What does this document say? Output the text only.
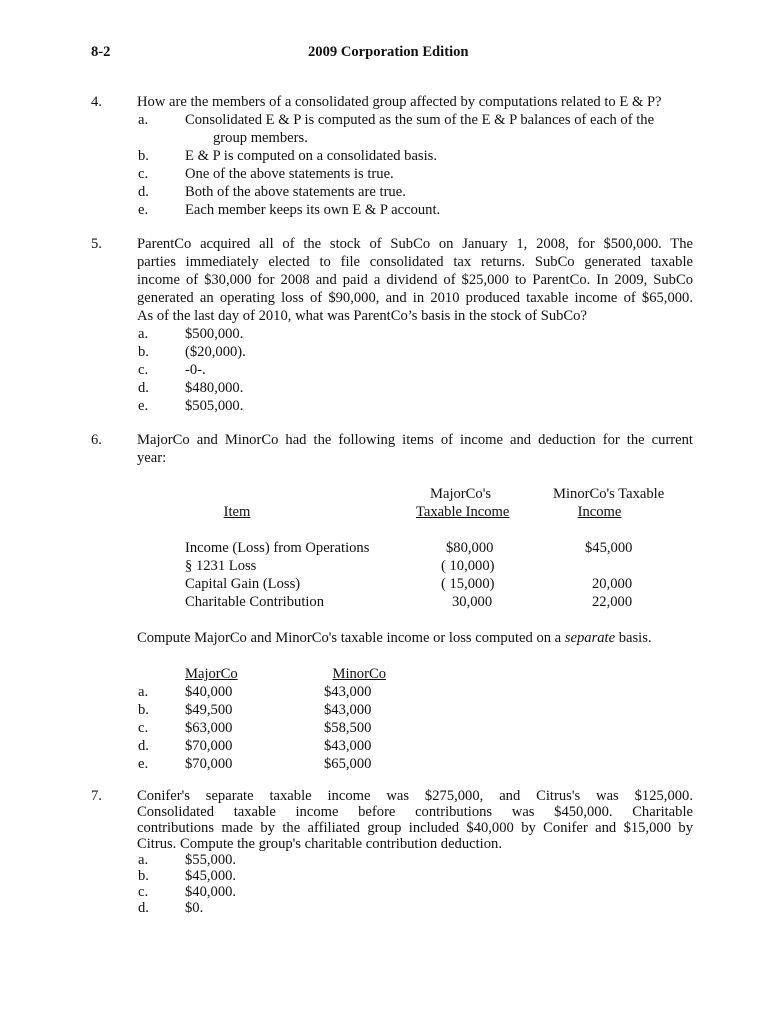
8-2	2009 Corporation Edition
4. How are the members of a consolidated group affected by computations related to E & P?
a.	Consolidated E & P is computed as the sum of the E & P balances of each of the
group members.
b. E & P is computed on a consolidated basis.
c.	One of the above statements is true.
d. Both of the above statements are true.
e.	Each member keeps its own E & P account.
5. ParentCo acquired all of the stock of SubCo on January 1, 2008, for $500,000. The
parties immediately elected to file consolidated tax returns. SubCo generated taxable
income of $30,000 for 2008 and paid a dividend of $25,000 to ParentCo. In 2009, SubCo
generated an operating loss of $90,000, and in 2010 produced taxable income of $65,000.
As of the last day of 2010, what was ParentCo’s basis in the stock of SubCo?
a.	$500,000.
b. ($20,000).
c.	-0-.
d. $480,000.
e.	$505,000.
6. MajorCo and MinorCo had the following items of income and deduction for the current
year:
MajorCo's	MinorCo's Taxable
Item	Taxable Income	Income
Income (Loss) from Operations	$80,000	$45,000
§ 1231 Loss	( 10,000)
Capital Gain (Loss)	( 15,000)	20,000
Charitable Contribution	30,000	22,000
Compute MajorCo and MinorCo's taxable income or loss computed on a separate basis.
MajorCo	MinorCo
a.	$40,000	$43,000
b. $49,500	$43,000
c.	$63,000	$58,500
d. $70,000	$43,000
e.	$70,000	$65,000
7. Conifer's separate taxable income was $275,000, and Citrus's was $125,000.
Consolidated taxable income before contributions was $450,000. Charitable
contributions made by the affiliated group included $40,000 by Conifer and $15,000 by
Citrus. Compute the group's charitable contribution deduction.
a.	$55,000.
b. $45,000.
c.	$40,000.
d. $0.
